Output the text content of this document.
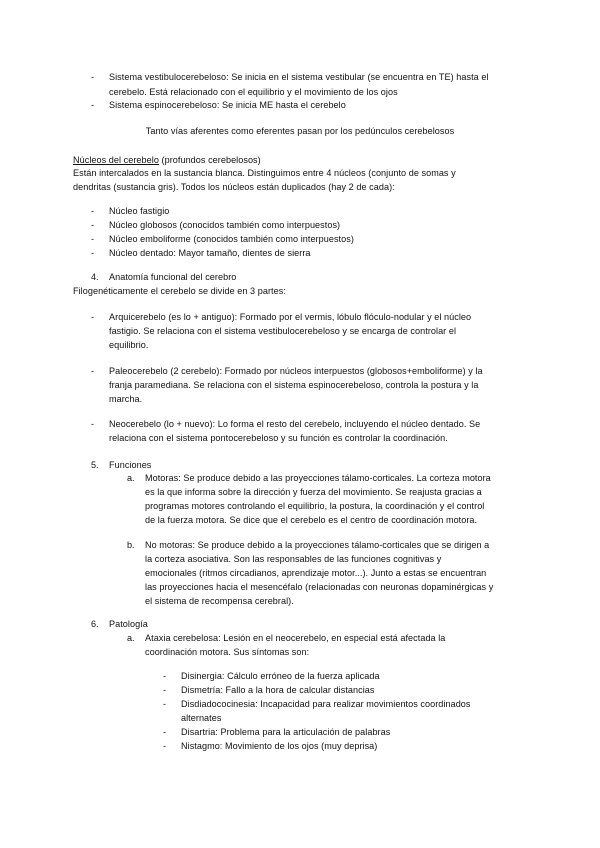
- Sistema vestibulocerebeloso: Se inicia en el sistema vestibular (se encuentra en TE) hasta el
cerebelo. Está relacionado con el equilibrio y el movimiento de los ojos
- Sistema espinocerebeloso: Se inicia ME hasta el cerebelo
Tanto vías aferentes como eferentes pasan por los pedúnculos cerebelosos
Núcleos del cerebelo (profundos cerebelosos)
Están intercalados en la sustancia blanca. Distinguimos entre 4 núcleos (conjunto de somas y
dendritas (sustancia gris). Todos los núcleos están duplicados (hay 2 de cada):
- Núcleo fastigio
- Núcleo globosos (conocidos también como interpuestos)
- Núcleo emboliforme (conocidos también como interpuestos)
- Núcleo dentado: Mayor tamaño, dientes de sierra
4. Anatomía funcional del cerebro
Filogenéticamente el cerebelo se divide en 3 partes:
- Arquicerebelo (es lo + antiguo): Formado por el vermis, lóbulo flóculo-nodular y el núcleo
fastigio. Se relaciona con el sistema vestibulocerebeloso y se encarga de controlar el
equilibrio.
- Paleocerebelo (2 cerebelo): Formado por núcleos interpuestos (globosos+emboliforme) y la
franja paramediana. Se relaciona con el sistema espinocerebeloso, controla la postura y la
marcha.
- Neocerebelo (lo + nuevo): Lo forma el resto del cerebelo, incluyendo el núcleo dentado. Se
relaciona con el sistema pontocerebeloso y su función es controlar la coordinación.
5. Funciones
a. Motoras: Se produce debido a las proyecciones tálamo-corticales. La corteza motora
es la que informa sobre la dirección y fuerza del movimiento. Se reajusta gracias a
programas motores controlando el equilibrio, la postura, la coordinación y el control
de la fuerza motora. Se dice que el cerebelo es el centro de coordinación motora.
b. No motoras: Se produce debido a la proyecciones tálamo-corticales que se dirigen a
la corteza asociativa. Son las responsables de las funciones cognitivas y
emocionales (ritmos circadianos, aprendizaje motor...). Junto a estas se encuentran
las proyecciones hacia el mesencéfalo (relacionadas con neuronas dopaminérgicas y
el sistema de recompensa cerebral).
6. Patología
a. Ataxia cerebelosa: Lesión en el neocerebelo, en especial está afectada la
coordinación motora. Sus síntomas son:
- Disinergia: Cálculo erróneo de la fuerza aplicada
- Dismetría: Fallo a la hora de calcular distancias
- Disdiadococinesia: Incapacidad para realizar movimientos coordinados
alternates
- Disartria: Problema para la articulación de palabras
- Nistagmo: Movimiento de los ojos (muy deprisa)
